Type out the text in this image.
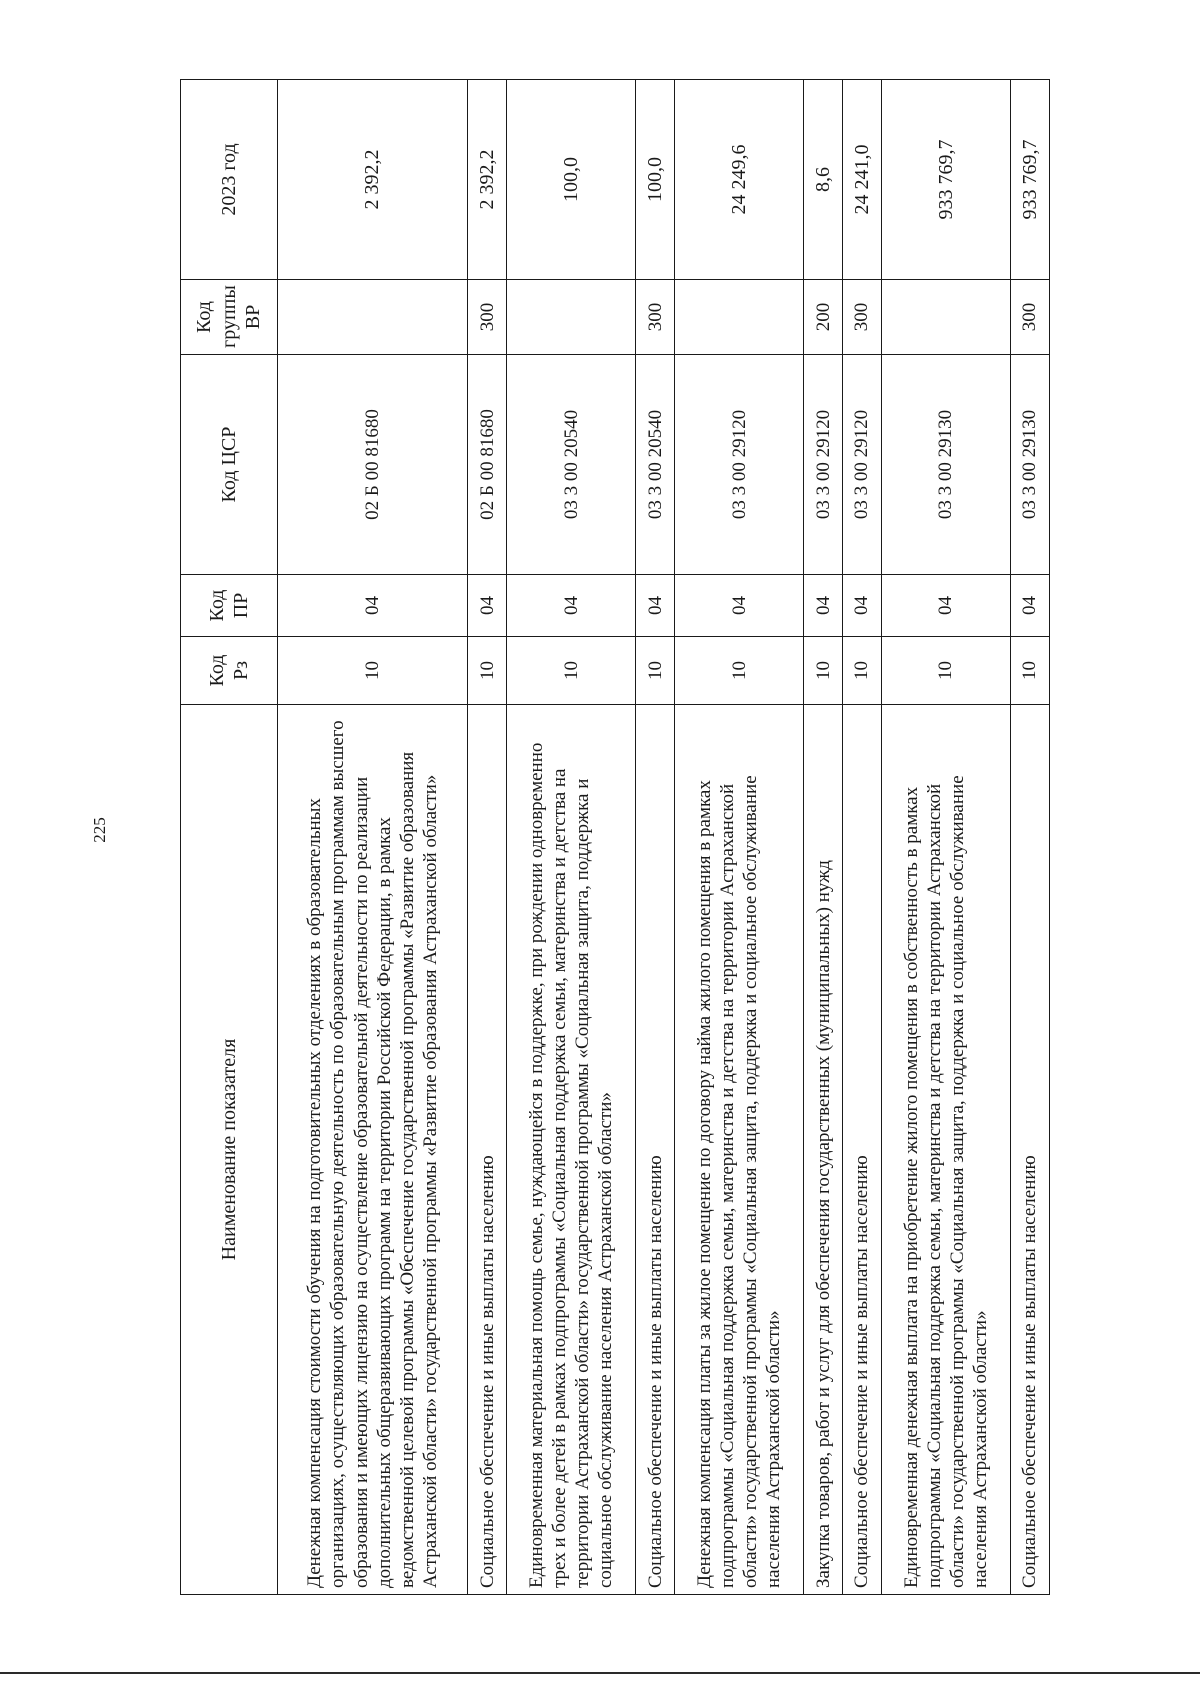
225
Наименование показателя	Код Рз	Код ПР	Код ЦСР	Код группы ВР	2023 год
Денежная компенсация стоимости обучения на подготовительных отделениях в образовательных организациях, осуществляющих образовательную деятельность по образовательным программам высшего образования и имеющих лицензию на осуществление образовательной деятельности по реализации дополнительных общеразвивающих программ на территории Российской Федерации, в рамках ведомственной целевой программы «Обеспечение государственной программы «Развитие образования Астраханской области» государственной программы «Развитие образования Астраханской области»	10	04	02 Б 00 81680		2 392,2
Социальное обеспечение и иные выплаты населению	10	04	02 Б 00 81680	300	2 392,2
Единовременная материальная помощь семье, нуждающейся в поддержке, при рождении одновременно трех и более детей в рамках подпрограммы «Социальная поддержка семьи, материнства и детства на территории Астраханской области» государственной программы «Социальная защита, поддержка и социальное обслуживание населения Астраханской области»	10	04	03 3 00 20540		100,0
Социальное обеспечение и иные выплаты населению	10	04	03 3 00 20540	300	100,0
Денежная компенсация платы за жилое помещение по договору найма жилого помещения в рамках подпрограммы «Социальная поддержка семьи, материнства и детства на территории Астраханской области» государственной программы «Социальная защита, поддержка и социальное обслуживание населения Астраханской области»	10	04	03 3 00 29120		24 249,6
Закупка товаров, работ и услуг для обеспечения государственных (муниципальных) нужд	10	04	03 3 00 29120	200	8,6
Социальное обеспечение и иные выплаты населению	10	04	03 3 00 29120	300	24 241,0
Единовременная денежная выплата на приобретение жилого помещения в собственность в рамках подпрограммы «Социальная поддержка семьи, материнства и детства на территории Астраханской области» государственной программы «Социальная защита, поддержка и социальное обслуживание населения Астраханской области»	10	04	03 3 00 29130		933 769,7
Социальное обеспечение и иные выплаты населению	10	04	03 3 00 29130	300	933 769,7
